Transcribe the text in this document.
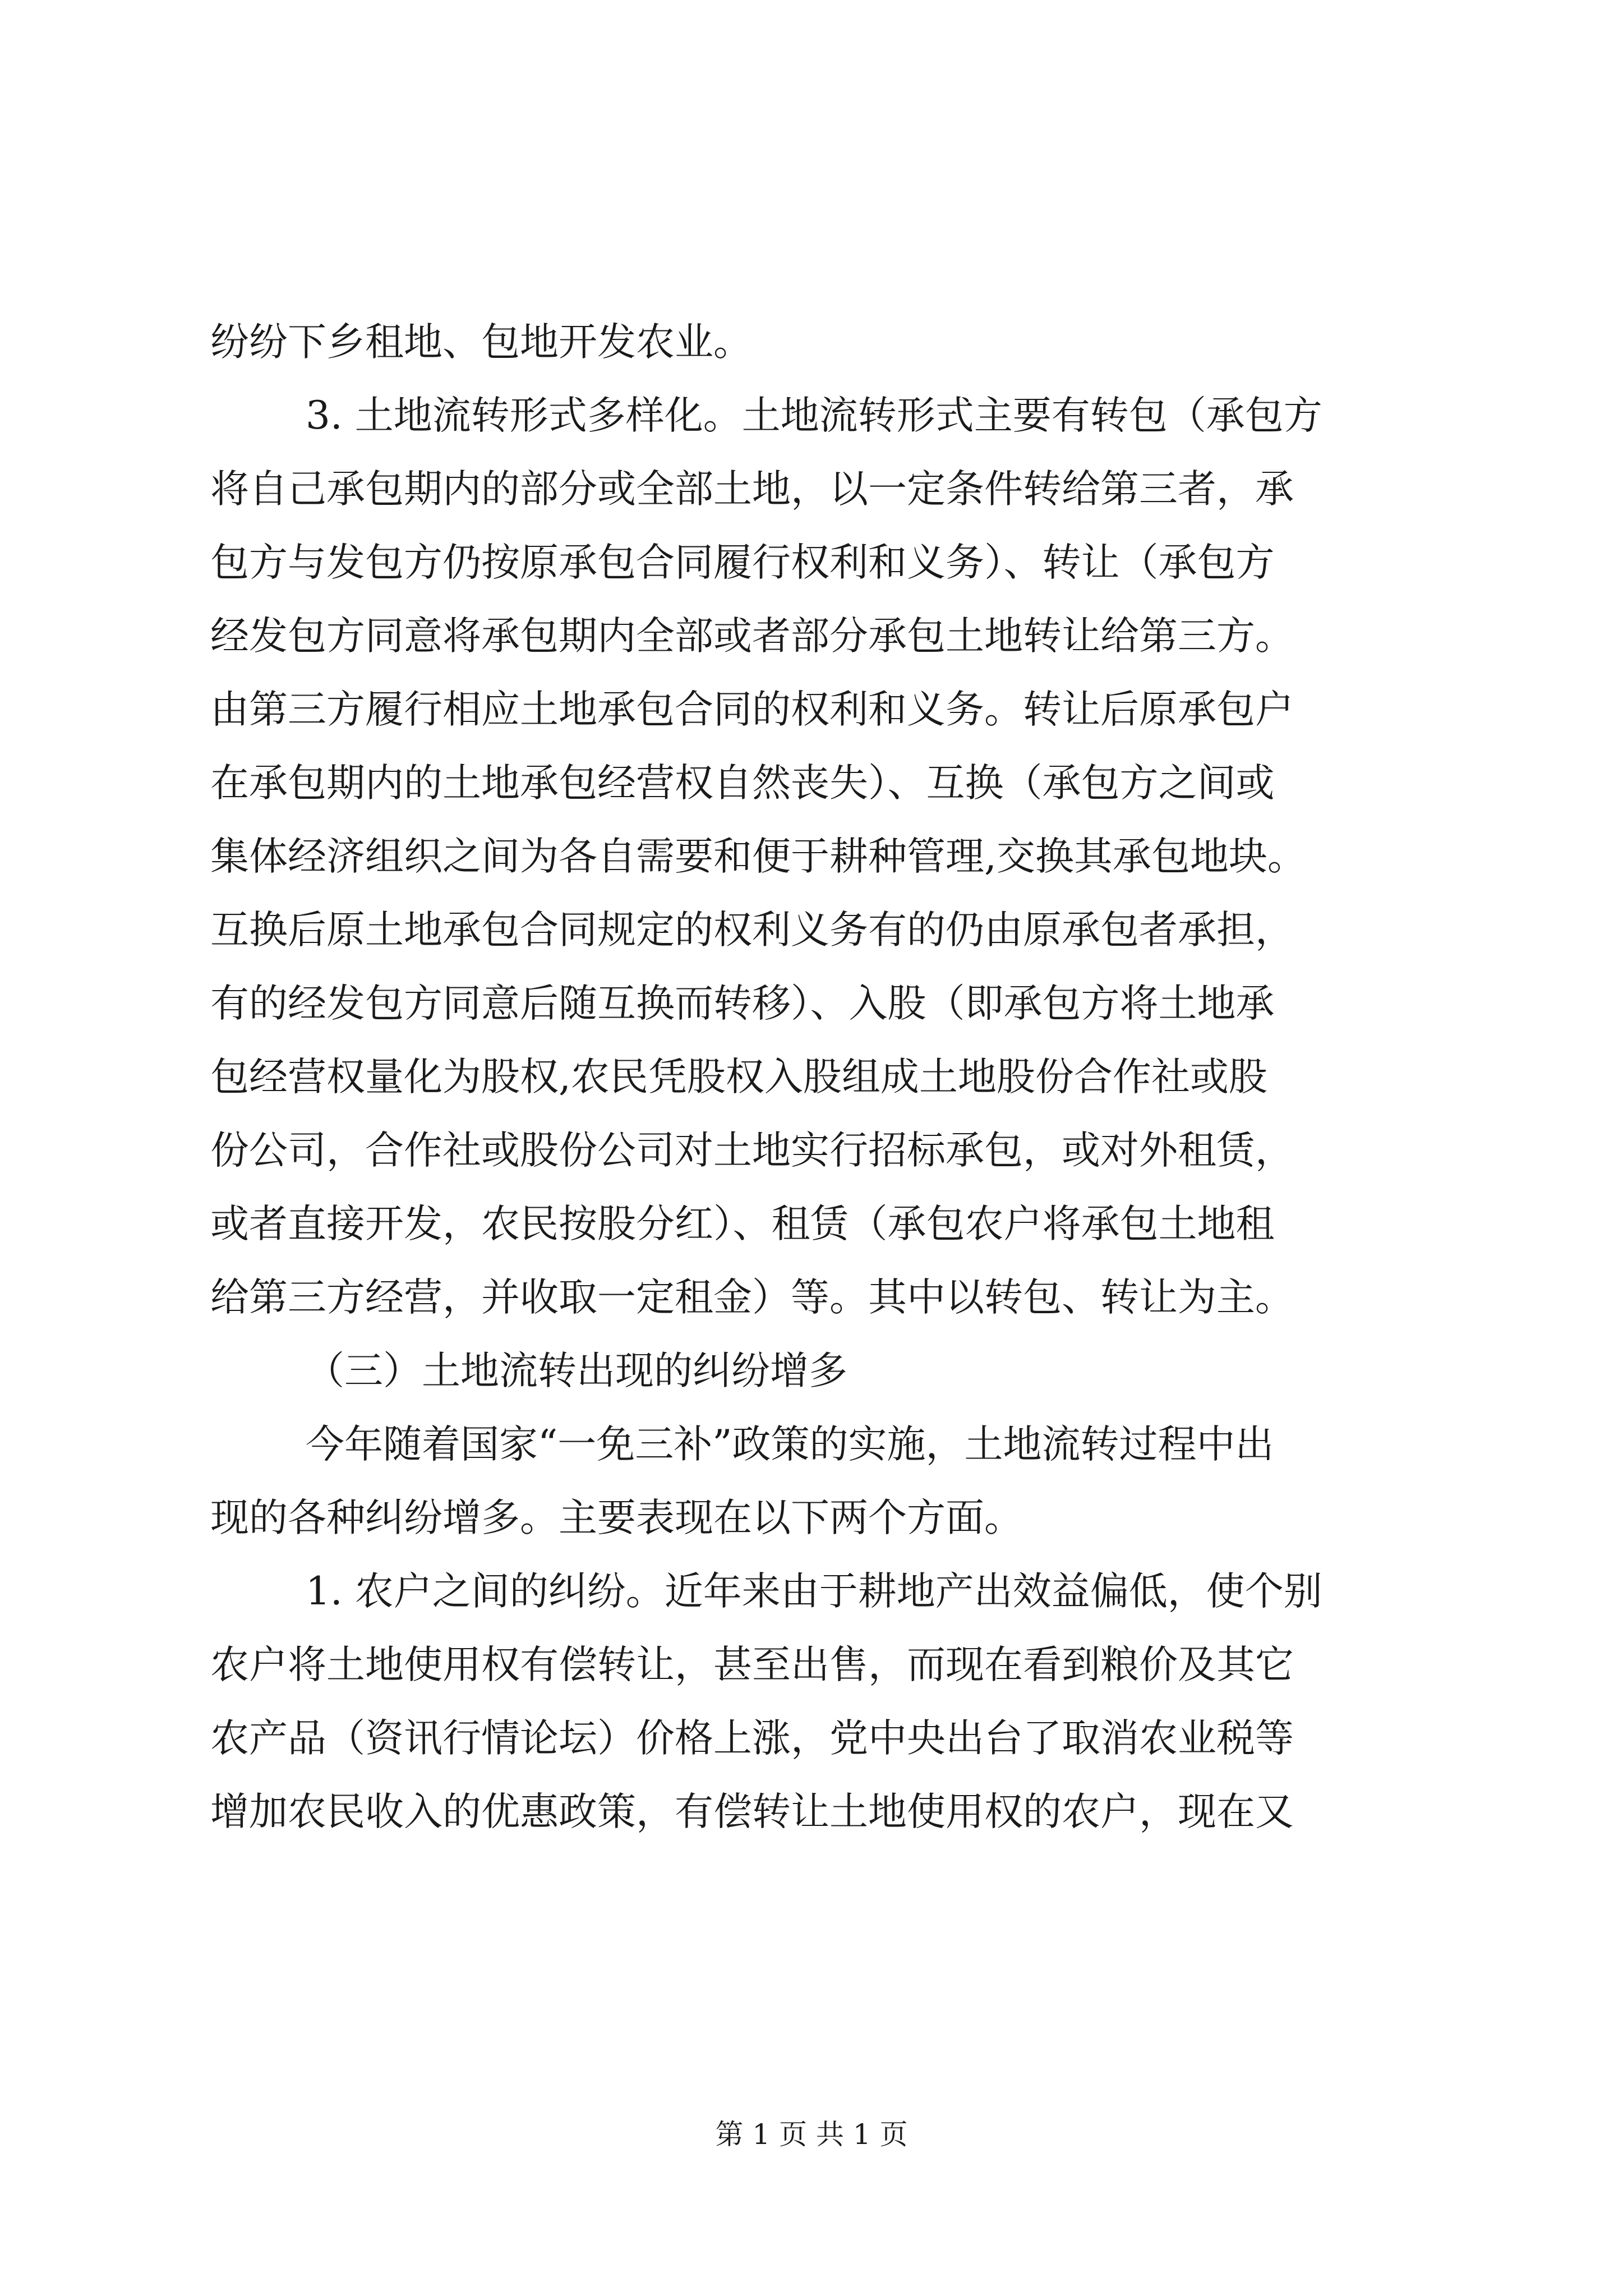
纷纷下乡租地、包地开发农业。
3. 土地流转形式多样化。土地流转形式主要有转包（承包方
将自己承包期内的部分或全部土地，以一定条件转给第三者，承
包方与发包方仍按原承包合同履行权利和义务）、转让（承包方
经发包方同意将承包期内全部或者部分承包土地转让给第三方。
由第三方履行相应土地承包合同的权利和义务。转让后原承包户
在承包期内的土地承包经营权自然丧失）、互换（承包方之间或
集体经济组织之间为各自需要和便于耕种管理,交换其承包地块。
互换后原土地承包合同规定的权利义务有的仍由原承包者承担，
有的经发包方同意后随互换而转移）、入股（即承包方将土地承
包经营权量化为股权,农民凭股权入股组成土地股份合作社或股
份公司，合作社或股份公司对土地实行招标承包，或对外租赁，
或者直接开发，农民按股分红）、租赁（承包农户将承包土地租
给第三方经营，并收取一定租金）等。其中以转包、转让为主。
（三）土地流转出现的纠纷增多
今年随着国家“一免三补”政策的实施，土地流转过程中出
现的各种纠纷增多。主要表现在以下两个方面。
1. 农户之间的纠纷。近年来由于耕地产出效益偏低，使个别
农户将土地使用权有偿转让，甚至出售，而现在看到粮价及其它
农产品（资讯行情论坛）价格上涨，党中央出台了取消农业税等
增加农民收入的优惠政策，有偿转让土地使用权的农户，现在又
第 1 页 共 1 页
